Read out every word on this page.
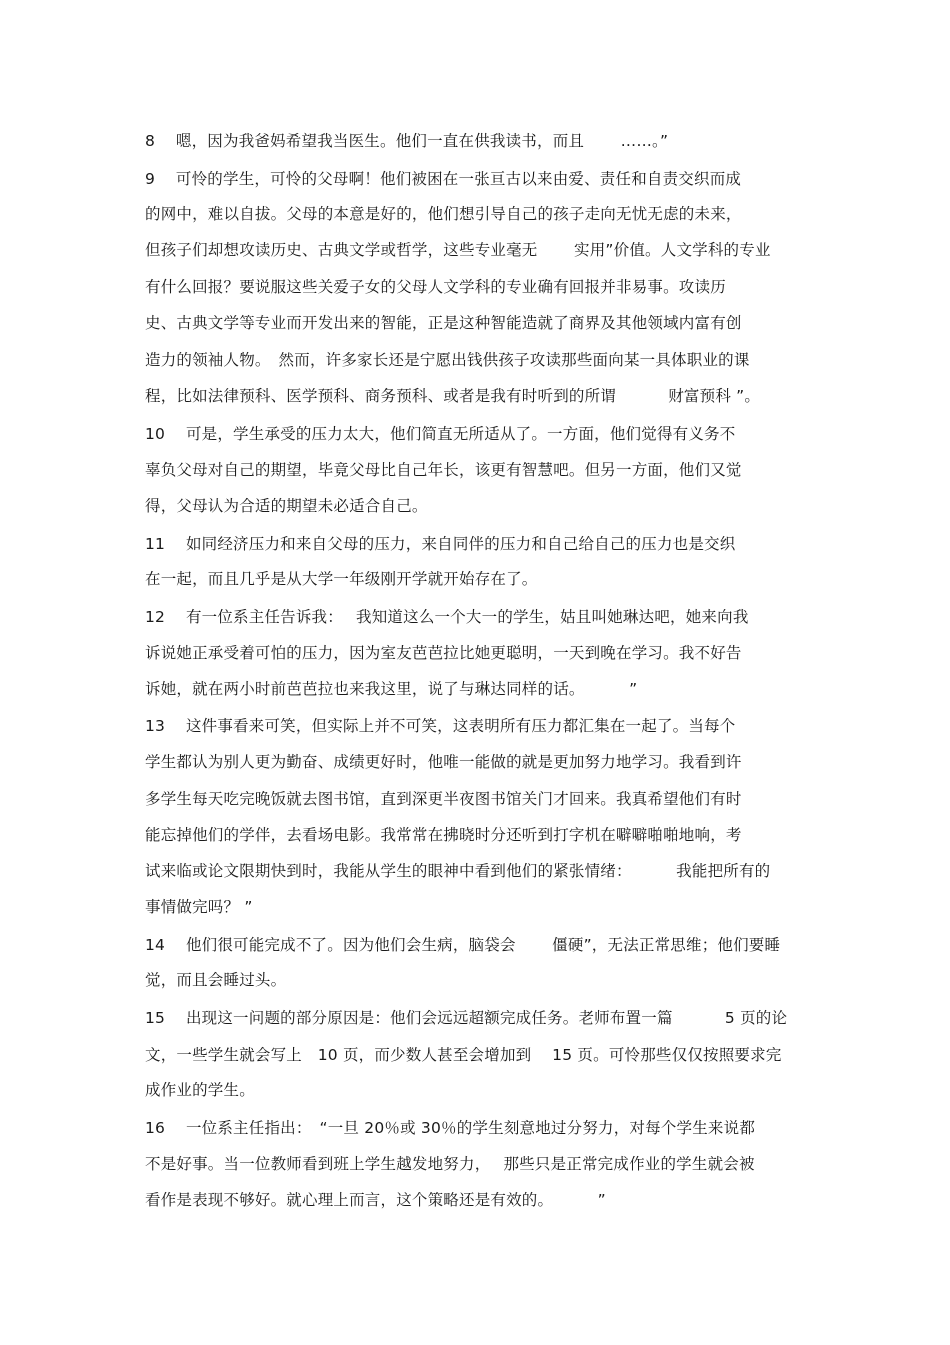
8　 嗯，因为我爸妈希望我当医生。他们一直在供我读书，而且　　 ……。”
9　 可怜的学生，可怜的父母啊！他们被困在一张亘古以来由爱、责任和自责交织而成
的网中，难以自拔。父母的本意是好的，他们想引导自己的孩子走向无忧无虑的未来，
但孩子们却想攻读历史、古典文学或哲学，这些专业毫无　　 实用”价值。人文学科的专业
有什么回报？要说服这些关爱子女的父母人文学科的专业确有回报并非易事。攻读历
史、古典文学等专业而开发出来的智能，正是这种智能造就了商界及其他领域内富有创
造力的领袖人物。　然而，许多家长还是宁愿出钱供孩子攻读那些面向某一具体职业的课
程，比如法律预科、医学预科、商务预科、或者是我有时听到的所谓　　　 财富预科 ”。
10　 可是，学生承受的压力太大，他们简直无所适从了。一方面，他们觉得有义务不
辜负父母对自己的期望，毕竟父母比自己年长，该更有智慧吧。但另一方面，他们又觉
得，父母认为合适的期望未必适合自己。
11　 如同经济压力和来自父母的压力，来自同伴的压力和自己给自己的压力也是交织
在一起，而且几乎是从大学一年级刚开学就开始存在了。
12　 有一位系主任告诉我：　 我知道这么一个大一的学生，姑且叫她琳达吧，她来向我
诉说她正承受着可怕的压力，因为室友芭芭拉比她更聪明，一天到晚在学习。我不好告
诉她，就在两小时前芭芭拉也来我这里，说了与琳达同样的话。　　　 ”
13　 这件事看来可笑，但实际上并不可笑，这表明所有压力都汇集在一起了。当每个
学生都认为别人更为勤奋、成绩更好时，他唯一能做的就是更加努力地学习。我看到许
多学生每天吃完晚饭就去图书馆，直到深更半夜图书馆关门才回来。我真希望他们有时
能忘掉他们的学伴，去看场电影。我常常在拂晓时分还听到打字机在噼噼啪啪地响，考
试来临或论文限期快到时，我能从学生的眼神中看到他们的紧张情绪：　　　 我能把所有的
事情做完吗？ ”
14　 他们很可能完成不了。因为他们会生病，脑袋会　　 僵硬”，无法正常思维；他们要睡
觉，而且会睡过头。
15　 出现这一问题的部分原因是：他们会远远超额完成任务。老师布置一篇　　　 5 页的论
文，一些学生就会写上　10 页，而少数人甚至会增加到　 15 页。可怜那些仅仅按照要求完
成作业的学生。
16　 一位系主任指出：　“一旦 20％或 30％的学生刻意地过分努力，对每个学生来说都
不是好事。当一位教师看到班上学生越发地努力，　 那些只是正常完成作业的学生就会被
看作是表现不够好。就心理上而言，这个策略还是有效的。　　　 ”
